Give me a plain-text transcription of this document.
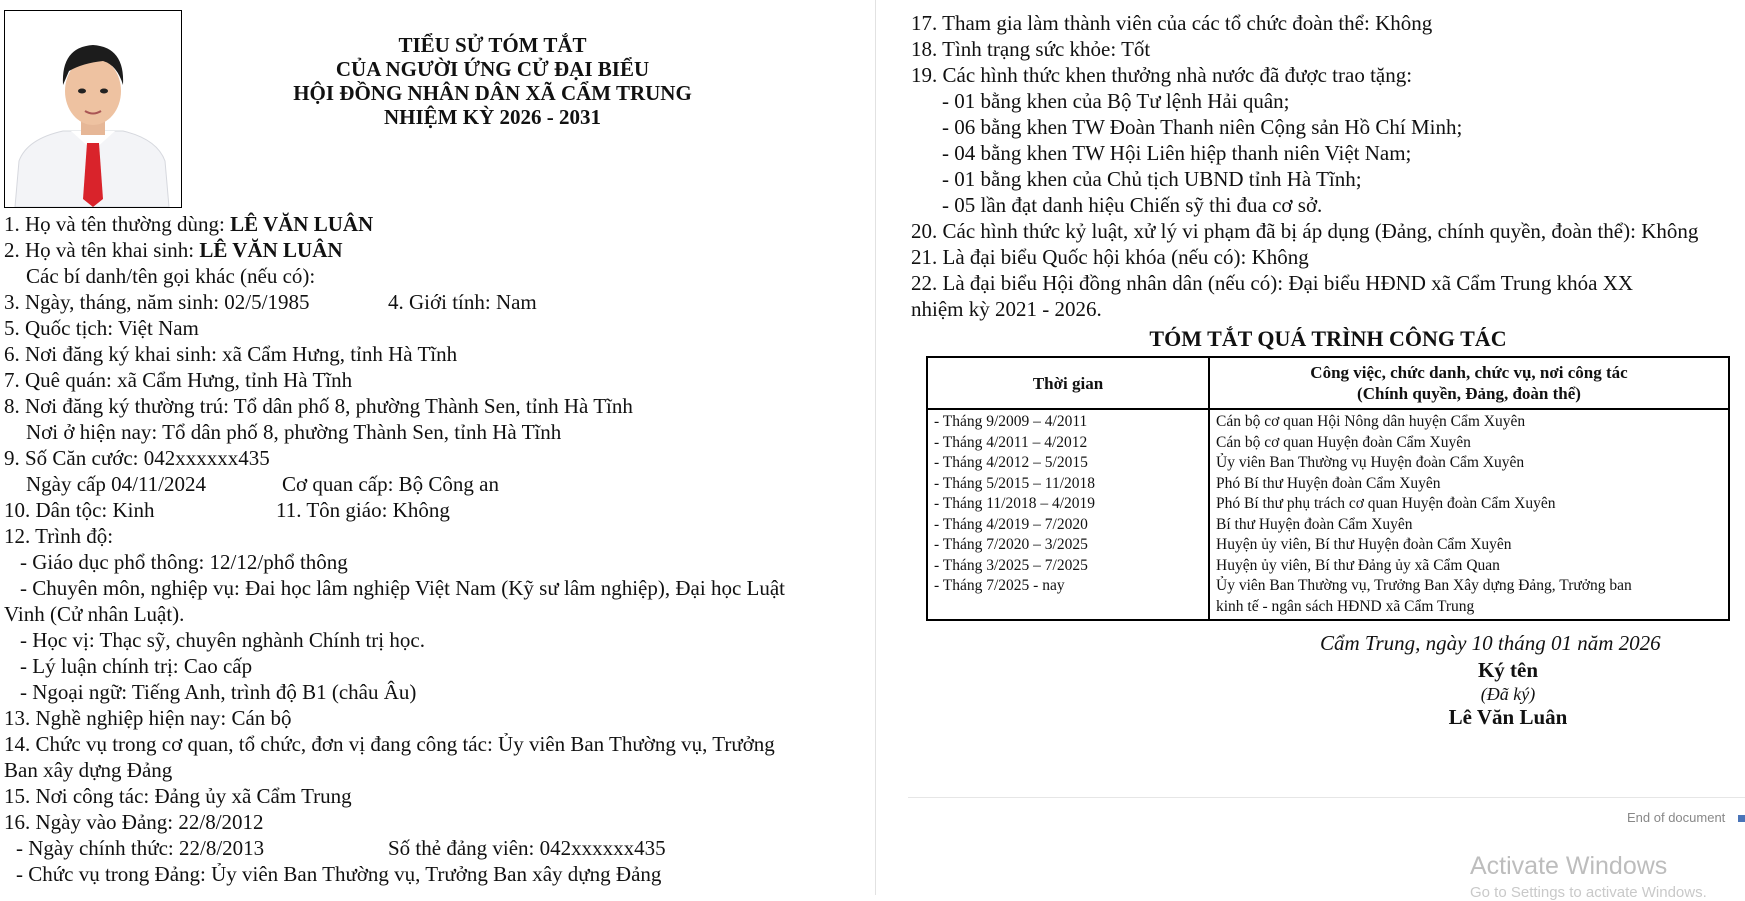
TIỂU SỬ TÓM TẮT
CỦA NGƯỜI ỨNG CỬ ĐẠI BIỂU
HỘI ĐỒNG NHÂN DÂN XÃ CẨM TRUNG
NHIỆM KỲ 2026 - 2031
1. Họ và tên thường dùng: LÊ VĂN LUÂN
2. Họ và tên khai sinh: LÊ VĂN LUÂN
Các bí danh/tên gọi khác (nếu có):
3. Ngày, tháng, năm sinh: 02/5/1985	4. Giới tính: Nam
5. Quốc tịch: Việt Nam
6. Nơi đăng ký khai sinh: xã Cẩm Hưng, tỉnh Hà Tĩnh
7. Quê quán: xã Cẩm Hưng, tỉnh Hà Tĩnh
8. Nơi đăng ký thường trú: Tổ dân phố 8, phường Thành Sen, tỉnh Hà Tĩnh
Nơi ở hiện nay: Tổ dân phố 8, phường Thành Sen, tỉnh Hà Tĩnh
9. Số Căn cước: 042xxxxxx435
Ngày cấp 04/11/2024	Cơ quan cấp: Bộ Công an
10. Dân tộc: Kinh	11. Tôn giáo: Không
12. Trình độ:
- Giáo dục phổ thông: 12/12/phổ thông
- Chuyên môn, nghiệp vụ: Đai học lâm nghiệp Việt Nam (Kỹ sư lâm nghiệp), Đại học Luật
Vinh (Cử nhân Luật).
- Học vị: Thạc sỹ, chuyên nghành Chính trị học.
- Lý luận chính trị: Cao cấp
- Ngoại ngữ: Tiếng Anh, trình độ B1 (châu Âu)
13. Nghề nghiệp hiện nay: Cán bộ
14. Chức vụ trong cơ quan, tổ chức, đơn vị đang công tác: Ủy viên Ban Thường vụ, Trưởng
Ban xây dựng Đảng
15. Nơi công tác: Đảng ủy xã Cẩm Trung
16. Ngày vào Đảng: 22/8/2012
- Ngày chính thức: 22/8/2013	Số thẻ đảng viên: 042xxxxxx435
- Chức vụ trong Đảng: Ủy viên Ban Thường vụ, Trưởng Ban xây dựng Đảng
17. Tham gia làm thành viên của các tổ chức đoàn thể: Không
18. Tình trạng sức khỏe: Tốt
19. Các hình thức khen thưởng nhà nước đã được trao tặng:
- 01 bằng khen của Bộ Tư lệnh Hải quân;
- 06 bằng khen TW Đoàn Thanh niên Cộng sản Hồ Chí Minh;
- 04 bằng khen TW Hội Liên hiệp thanh niên Việt Nam;
- 01 bằng khen của Chủ tịch UBND tỉnh Hà Tĩnh;
- 05 lần đạt danh hiệu Chiến sỹ thi đua cơ sở.
20. Các hình thức kỷ luật, xử lý vi phạm đã bị áp dụng (Đảng, chính quyền, đoàn thể): Không
21. Là đại biểu Quốc hội khóa (nếu có): Không
22. Là đại biểu Hội đồng nhân dân (nếu có): Đại biểu HĐND xã Cẩm Trung khóa XX
nhiệm kỳ 2021 - 2026.
TÓM TẮT QUÁ TRÌNH CÔNG TÁC
Thời gian	Công việc, chức danh, chức vụ, nơi công tác
(Chính quyền, Đảng, đoàn thể)
- Tháng 9/2009 – 4/2011	Cán bộ cơ quan Hội Nông dân huyện Cẩm Xuyên
- Tháng 4/2011 – 4/2012	Cán bộ cơ quan Huyện đoàn Cẩm Xuyên
- Tháng 4/2012 – 5/2015	Ủy viên Ban Thường vụ Huyện đoàn Cẩm Xuyên
- Tháng 5/2015 – 11/2018	Phó Bí thư Huyện đoàn Cẩm Xuyên
- Tháng 11/2018 – 4/2019	Phó Bí thư phụ trách cơ quan Huyện đoàn Cẩm Xuyên
- Tháng 4/2019 – 7/2020	Bí thư Huyện đoàn Cẩm Xuyên
- Tháng 7/2020 – 3/2025	Huyện ủy viên, Bí thư Huyện đoàn Cẩm Xuyên
- Tháng 3/2025 – 7/2025	Huyện ủy viên, Bí thư Đảng ủy xã Cẩm Quan
- Tháng 7/2025 - nay	Ủy viên Ban Thường vụ, Trưởng Ban Xây dựng Đảng, Trưởng ban
kinh tế - ngân sách HĐND xã Cẩm Trung
Cẩm Trung, ngày 10 tháng 01 năm 2026
Ký tên
(Đã ký)
Lê Văn Luân
End of document
Activate Windows
Go to Settings to activate Windows.
